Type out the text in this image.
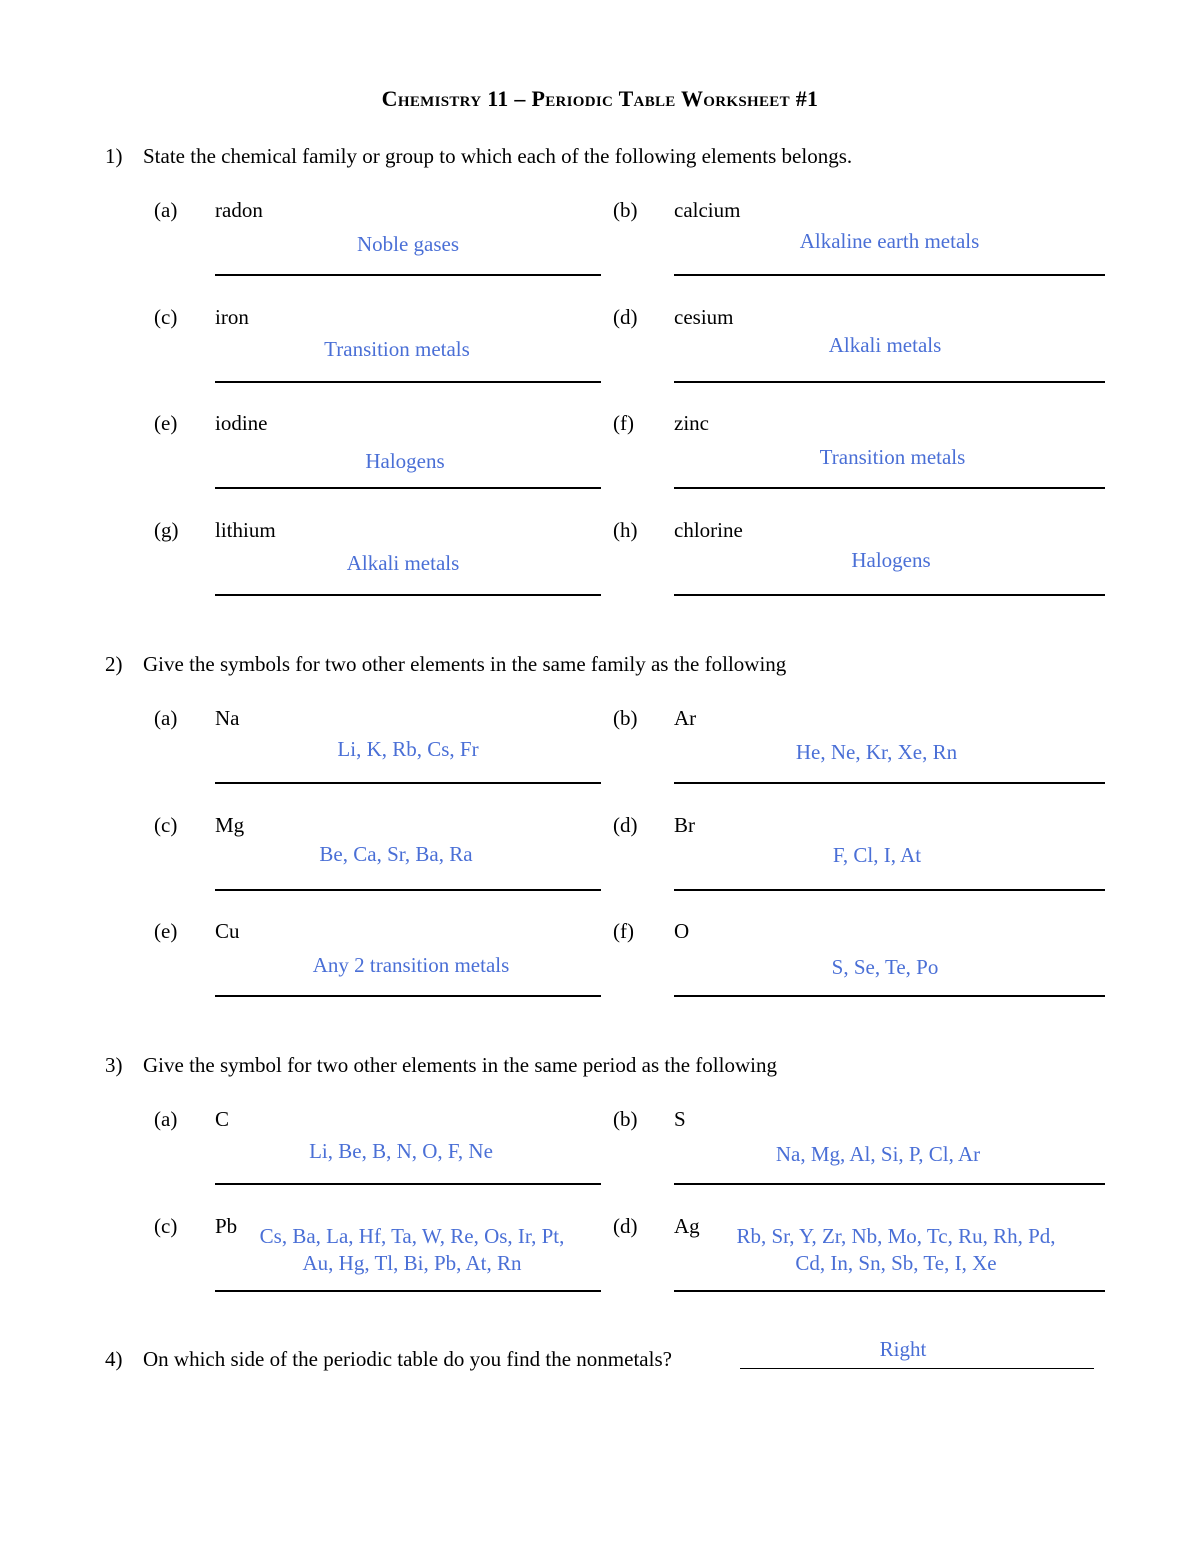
Chemistry 11 – Periodic Table Worksheet #1
1) State the chemical family or group to which each of the following elements belongs.
(a) radon
Noble gases
(b) calcium
Alkaline earth metals
(c) iron
Transition metals
(d) cesium
Alkali metals
(e) iodine
Halogens
(f) zinc
Transition metals
(g) lithium
Alkali metals
(h) chlorine
Halogens
2) Give the symbols for two other elements in the same family as the following
(a) Na
Li, K, Rb, Cs, Fr
(b) Ar
He, Ne, Kr, Xe, Rn
(c) Mg
Be, Ca, Sr, Ba, Ra
(d) Br
F, Cl, I, At
(e) Cu
Any 2 transition metals
(f) O
S, Se, Te, Po
3) Give the symbol for two other elements in the same period as the following
(a) C
Li, Be, B, N, O, F, Ne
(b) S
Na, Mg, Al, Si, P, Cl, Ar
(c) Pb Cs, Ba, La, Hf, Ta, W, Re, Os, Ir, Pt, Au, Hg, Tl, Bi, Pb, At, Rn
(d) Ag	Rb, Sr, Y, Zr, Nb, Mo, Tc, Ru, Rh, Pd, Cd, In, Sn, Sb, Te, I, Xe
4) On which side of the periodic table do you find the nonmetals?	Right
